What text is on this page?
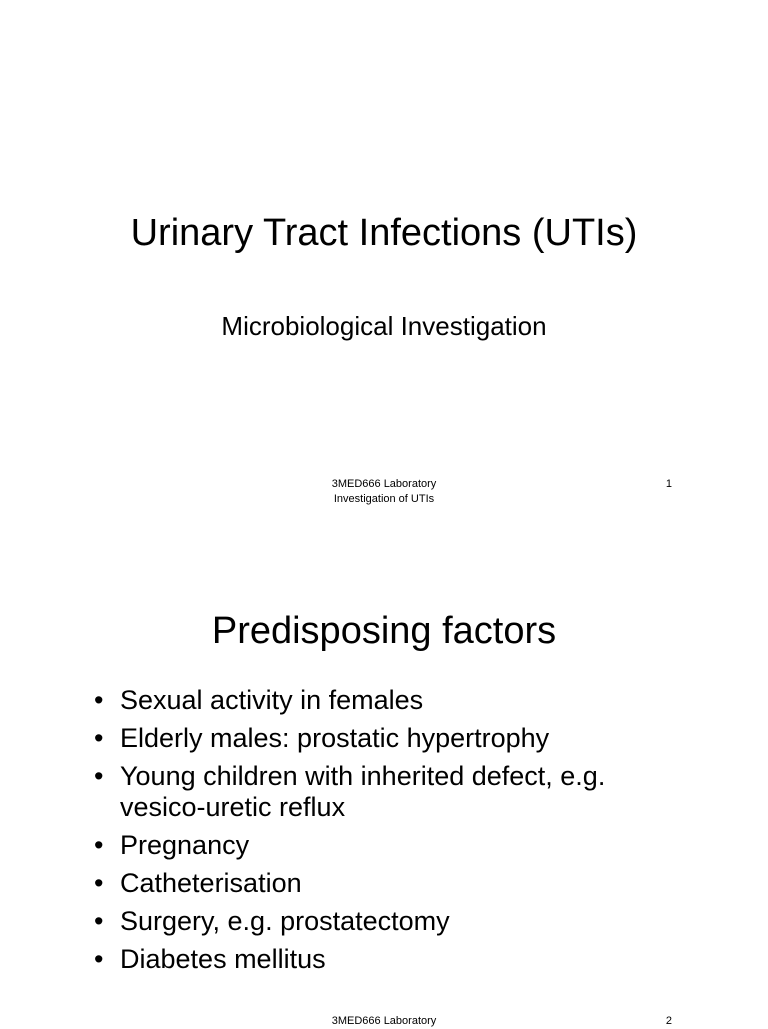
Urinary Tract Infections (UTIs)
Microbiological Investigation
3MED666 Laboratory
Investigation of UTIs
1
Predisposing factors
• Sexual activity in females
• Elderly males: prostatic hypertrophy
• Young children with inherited defect, e.g.
vesico-uretic reflux
• Pregnancy
• Catheterisation
• Surgery, e.g. prostatectomy
• Diabetes mellitus
3MED666 Laboratory	2
